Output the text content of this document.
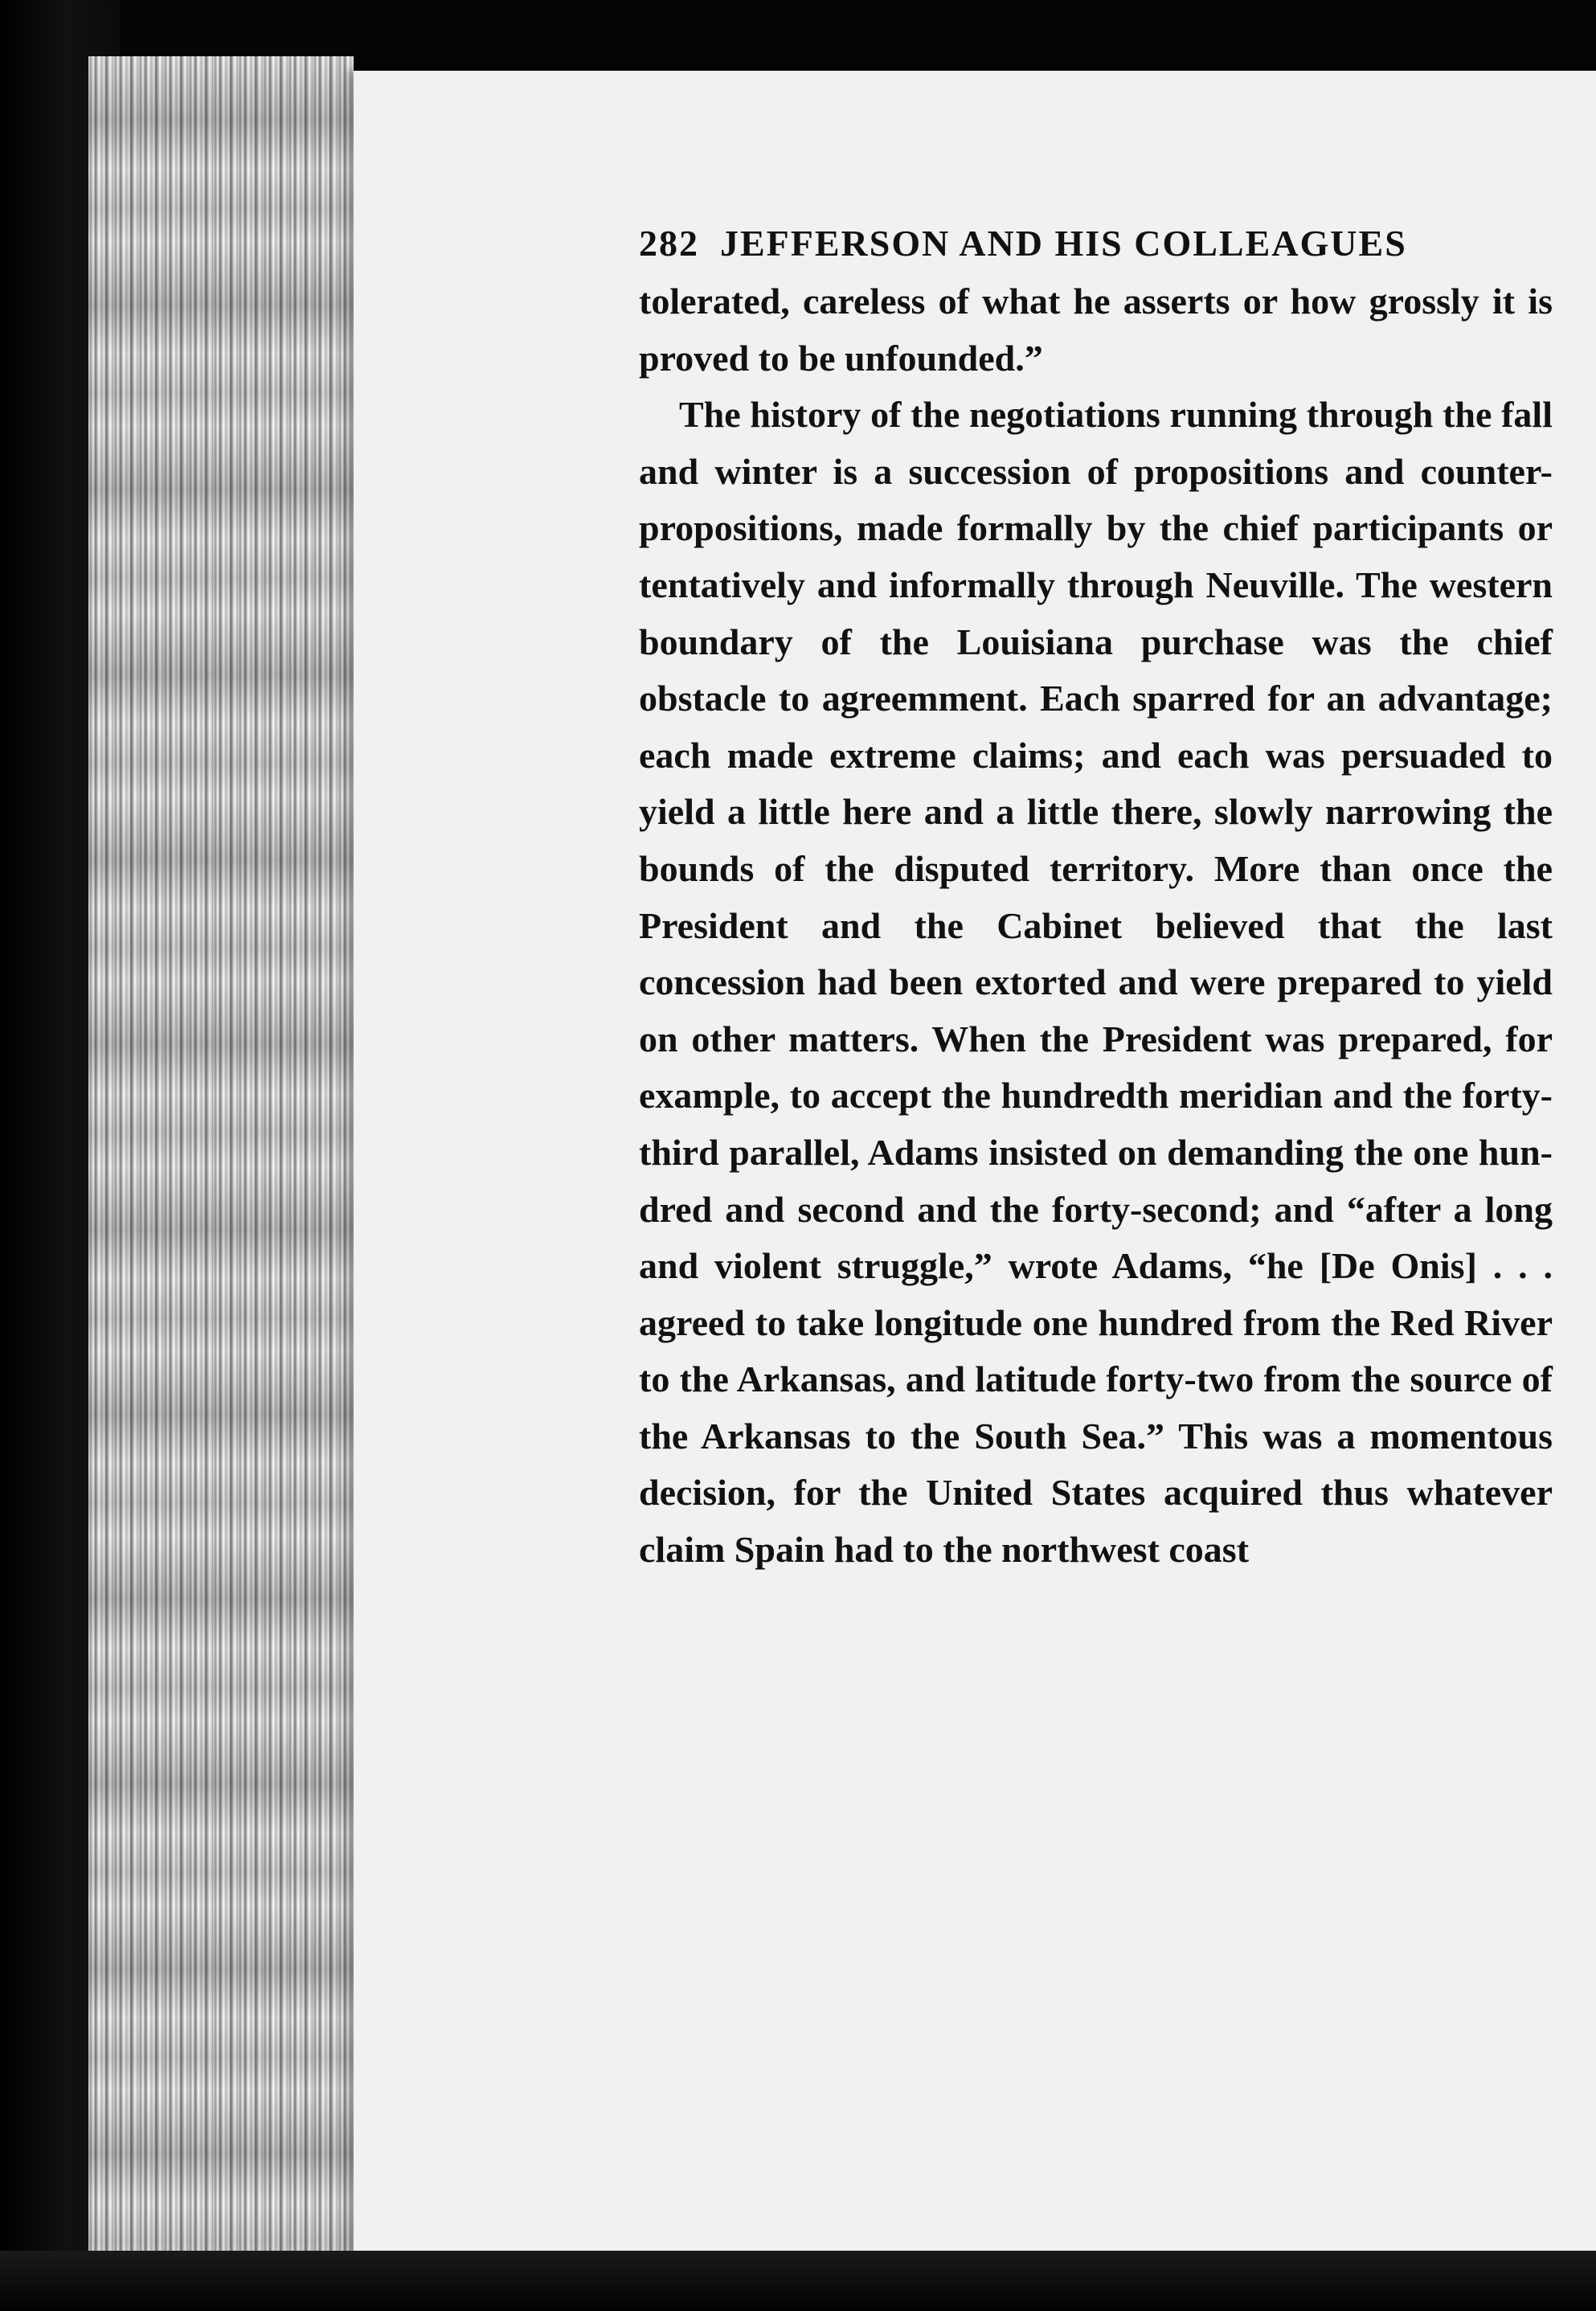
282 JEFFERSON AND HIS COLLEAGUES

tolerated, careless of what he asserts or how grossly it is proved to be unfounded.”

The history of the negotiations running through the fall and winter is a succession of propositions and counter-propositions, made formally by the chief participants or tentatively and informally through Neuville. The western boundary of the Louisiana purchase was the chief obstacle to agreemment. Each sparred for an advantage; each made extreme claims; and each was persuaded to yield a little here and a little there, slowly narrowing the bounds of the disputed territory. More than once the President and the Cabinet believed that the last concession had been extorted and were prepared to yield on other matters. When the President was prepared, for example, to accept the hundredth meridian and the forty-third parallel, Adams insisted on demanding the one hundred and second and the forty-second; and “after a long and violent struggle,” wrote Adams, “he [De Onis] . . . agreed to take longitude one hundred from the Red River to the Arkansas, and latitude forty-two from the source of the Arkansas to the South Sea.” This was a momentous decision, for the United States acquired thus whatever claim Spain had to the northwest coast
